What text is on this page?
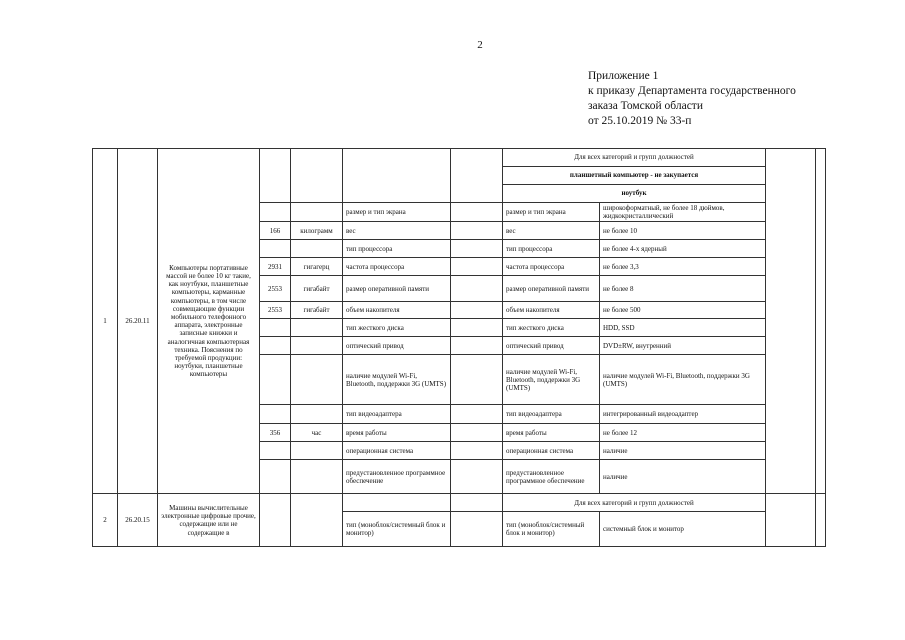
2
Приложение 1
к приказу Департамента государственного
заказа Томской области
от 25.10.2019 № 33-п
1	26.20.11	Компьютеры портативные массой не более 10 кг такие, как ноутбуки, планшетные компьютеры, карманные компьютеры, в том числе совмещающие функции мобильного телефонного аппарата, электронные записные книжки и аналогичная компьютерная техника. Пояснения по требуемой продукции: ноутбуки, планшетные компьютеры					Для всех категорий и групп должностей			
							планшетный компьютер - не закупается			
							ноутбук			
					размер и тип экрана		размер и тип экрана	широкоформатный, не более 18 дюймов, жидкокристаллический		
			166	килограмм	вес		вес	не более 10		
					тип процессора		тип процессора	не более 4-х ядерный		
			2931	гигагерц	частота процессора		частота процессора	не более 3,3		
			2553	гигабайт	размер оперативной памяти		размер оперативной памяти	не более 8		
			2553	гигабайт	объем накопителя		объем накопителя	не более 500		
					тип жесткого диска		тип жесткого диска	HDD, SSD		
					оптический привод		оптический привод	DVD±RW, внутренний		
					наличие модулей Wi-Fi, Bluetooth, поддержки 3G (UMTS)		наличие модулей Wi-Fi, Bluetooth, поддержки 3G (UMTS)	наличие модулей Wi-Fi, Bluetooth, поддержки 3G (UMTS)		
					тип видеоадаптера		тип видеоадаптера	интегрированный видеоадаптер		
			356	час	время работы		время работы	не более 12		
					операционная система		операционная система	наличие		
					предустановленное программное обеспечение		предустановленное программное обеспечение	наличие		
2	26.20.15	Машины вычислительные электронные цифровые прочие, содержащие или не содержащие в					Для всех категорий и групп должностей			
					тип (моноблок/системный блок и монитор)		тип (моноблок/системный блок и монитор)	системный блок и монитор		
